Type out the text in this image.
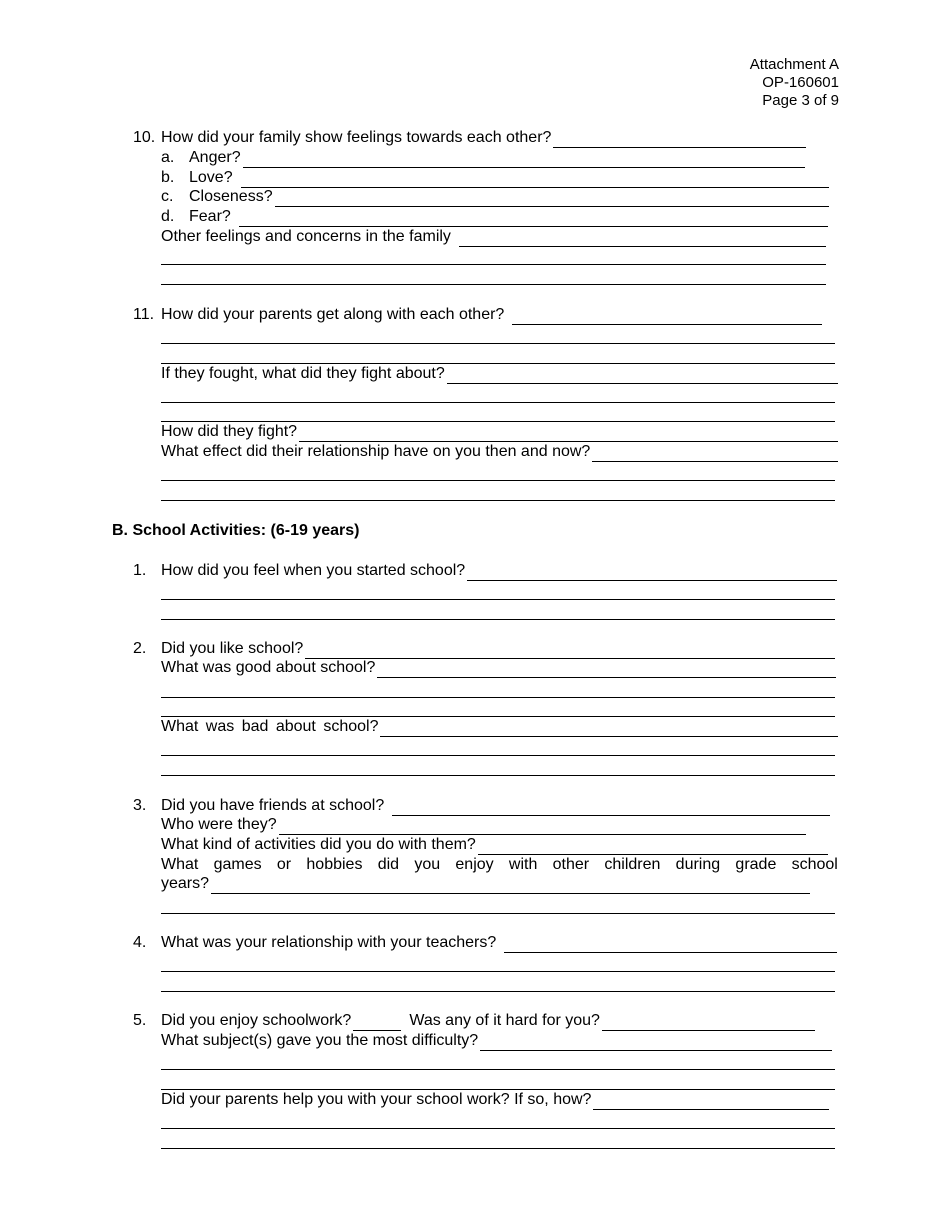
Attachment A
OP-160601
Page 3 of 9
10. How did your family show feelings towards each other?
a. Anger?
b. Love?
c. Closeness?
d. Fear?
Other feelings and concerns in the family
11. How did your parents get along with each other?
If they fought, what did they fight about?
How did they fight?
What effect did their relationship have on you then and now?
B. School Activities: (6-19 years)
1. How did you feel when you started school?
2. Did you like school?
What was good about school?
What was bad about school?
3. Did you have friends at school?
Who were they?
What kind of activities did you do with them?
What games or hobbies did you enjoy with other children during grade school
years?
4. What was your relationship with your teachers?
5. Did you enjoy schoolwork?	Was any of it hard for you?
What subject(s) gave you the most difficulty?
Did your parents help you with your school work? If so, how?
